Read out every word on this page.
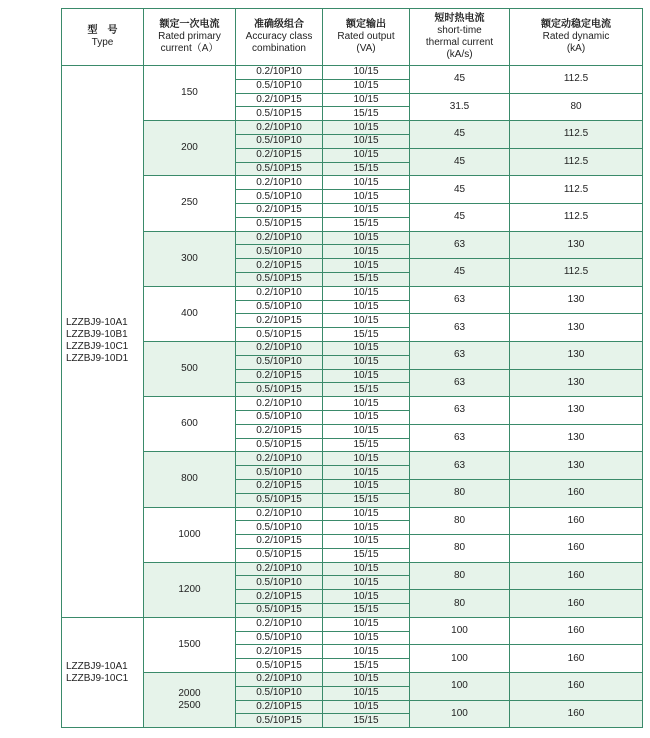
型　号
Type	额定一次电流
Rated primary
current（A）	准确级组合
Accuracy class
combination	额定输出
Rated output
(VA)	短时热电流
short-time
thermal current
(kA/s)	额定动稳定电流
Rated dynamic
(kA)

LZZBJ9-10A1
LZZBJ9-10B1
LZZBJ9-10C1
LZZBJ9-10D1	150	0.2/10P10	10/15	45	112.5
		0.5/10P10	10/15		
		0.2/10P15	10/15	31.5	80
		0.5/10P15	15/15		

	200	0.2/10P10	10/15	45	112.5
		0.5/10P10	10/15		
		0.2/10P15	10/15	45	112.5
		0.5/10P15	15/15		

	250	0.2/10P10	10/15	45	112.5
		0.5/10P10	10/15		
		0.2/10P15	10/15	45	112.5
		0.5/10P15	15/15		

	300	0.2/10P10	10/15	63	130
		0.5/10P10	10/15		
		0.2/10P15	10/15	45	112.5
		0.5/10P15	15/15		

	400	0.2/10P10	10/15	63	130
		0.5/10P10	10/15		
		0.2/10P15	10/15	63	130
		0.5/10P15	15/15		

	500	0.2/10P10	10/15	63	130
		0.5/10P10	10/15		
		0.2/10P15	10/15	63	130
		0.5/10P15	15/15		

	600	0.2/10P10	10/15	63	130
		0.5/10P10	10/15		
		0.2/10P15	10/15	63	130
		0.5/10P15	15/15		

	800	0.2/10P10	10/15	63	130
		0.5/10P10	10/15		
		0.2/10P15	10/15	80	160
		0.5/10P15	15/15		

	1000	0.2/10P10	10/15	80	160
		0.5/10P10	10/15		
		0.2/10P15	10/15	80	160
		0.5/10P15	15/15		

	1200	0.2/10P10	10/15	80	160
		0.5/10P10	10/15		
		0.2/10P15	10/15	80	160
		0.5/10P15	15/15		

LZZBJ9-10A1
LZZBJ9-10C1	1500	0.2/10P10	10/15	100	160
		0.5/10P10	10/15		
		0.2/10P15	10/15	100	160
		0.5/10P15	15/15		

	2000
2500	0.2/10P10	10/15	100	160
		0.5/10P10	10/15		
		0.2/10P15	10/15	100	160
		0.5/10P15	15/15		
